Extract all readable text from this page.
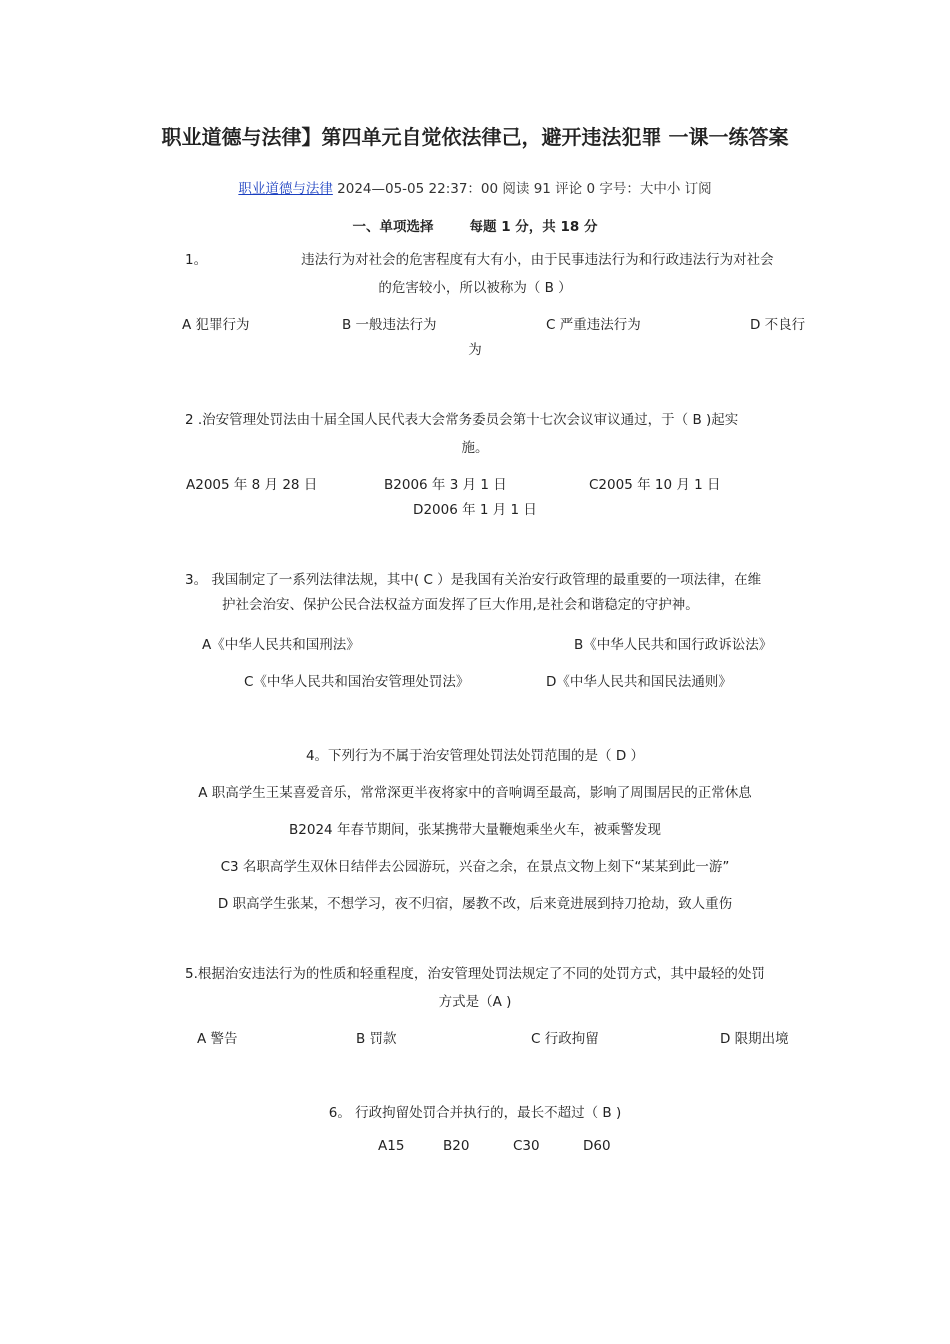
职业道德与法律】第四单元自觉依法律己，避开违法犯罪 一课一练答案
职业道德与法律 2024—05-05 22:37：00 阅读 91 评论 0 字号：大中小 订阅
一、单项选择	每题 1 分，共 18 分
1。	违法行为对社会的危害程度有大有小，由于民事违法行为和行政违法行为对社会
的危害较小，所以被称为（ B ）
A 犯罪行为	B 一般违法行为	C 严重违法行为	D 不良行
为
2 .治安管理处罚法由十届全国人民代表大会常务委员会第十七次会议审议通过，于（ B )起实
施。
A2005 年 8 月 28 日	B2006 年 3 月 1 日	C2005 年 10 月 1 日
D2006 年 1 月 1 日
3。 我国制定了一系列法律法规，其中( C ）是我国有关治安行政管理的最重要的一项法律，在维
护社会治安、保护公民合法权益方面发挥了巨大作用,是社会和谐稳定的守护神。
A《中华人民共和国刑法》	B《中华人民共和国行政诉讼法》
C《中华人民共和国治安管理处罚法》	D《中华人民共和国民法通则》
4。下列行为不属于治安管理处罚法处罚范围的是（ D ）
A 职高学生王某喜爱音乐，常常深更半夜将家中的音响调至最高，影响了周围居民的正常休息
B2024 年春节期间，张某携带大量鞭炮乘坐火车，被乘警发现
C3 名职高学生双休日结伴去公园游玩，兴奋之余，在景点文物上刻下“某某到此一游”
D 职高学生张某，不想学习，夜不归宿，屡教不改，后来竟进展到持刀抢劫，致人重伤
5.根据治安违法行为的性质和轻重程度，治安管理处罚法规定了不同的处罚方式，其中最轻的处罚
方式是（A )
A 警告	B 罚款	C 行政拘留	D 限期出境
6。 行政拘留处罚合并执行的，最长不超过（ B )
A15	B20	C30	D60
